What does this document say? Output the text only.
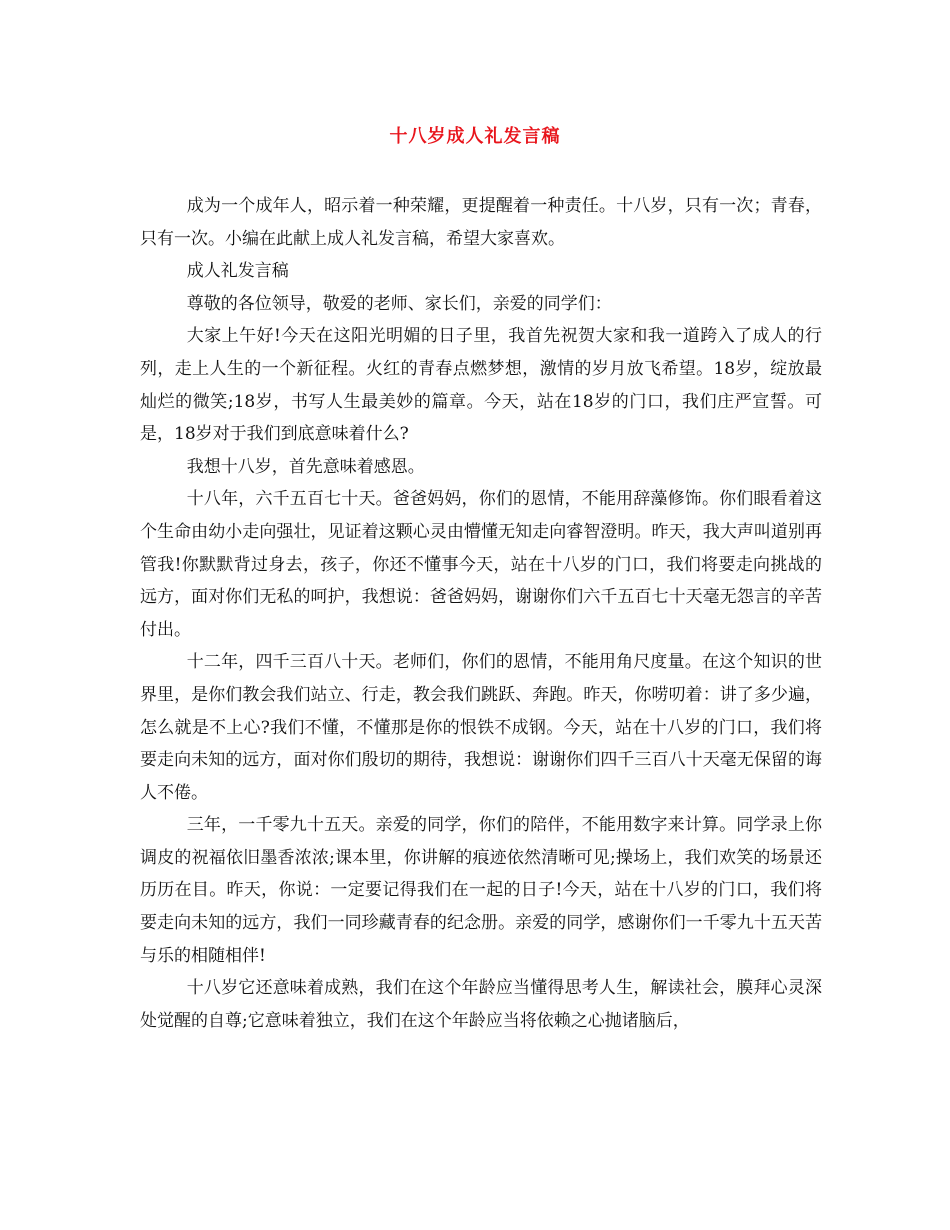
十八岁成人礼发言稿

成为一个成年人，昭示着一种荣耀，更提醒着一种责任。十八岁，只有一次；青春，只有一次。小编在此献上成人礼发言稿，希望大家喜欢。

成人礼发言稿

尊敬的各位领导，敬爱的老师、家长们，亲爱的同学们：

大家上午好!今天在这阳光明媚的日子里，我首先祝贺大家和我一道跨入了成人的行列，走上人生的一个新征程。火红的青春点燃梦想，激情的岁月放飞希望。18岁，绽放最灿烂的微笑;18岁，书写人生最美妙的篇章。今天，站在18岁的门口，我们庄严宣誓。可是，18岁对于我们到底意味着什么?

我想十八岁，首先意味着感恩。

十八年，六千五百七十天。爸爸妈妈，你们的恩情，不能用辞藻修饰。你们眼看着这个生命由幼小走向强壮，见证着这颗心灵由懵懂无知走向睿智澄明。昨天，我大声叫道别再管我!你默默背过身去，孩子，你还不懂事今天，站在十八岁的门口，我们将要走向挑战的远方，面对你们无私的呵护，我想说：爸爸妈妈，谢谢你们六千五百七十天毫无怨言的辛苦付出。

十二年，四千三百八十天。老师们，你们的恩情，不能用角尺度量。在这个知识的世界里，是你们教会我们站立、行走，教会我们跳跃、奔跑。昨天，你唠叨着：讲了多少遍，怎么就是不上心?我们不懂，不懂那是你的恨铁不成钢。今天，站在十八岁的门口，我们将要走向未知的远方，面对你们殷切的期待，我想说：谢谢你们四千三百八十天毫无保留的诲人不倦。

三年，一千零九十五天。亲爱的同学，你们的陪伴，不能用数字来计算。同学录上你调皮的祝福依旧墨香浓浓;课本里，你讲解的痕迹依然清晰可见;操场上，我们欢笑的场景还历历在目。昨天，你说：一定要记得我们在一起的日子!今天，站在十八岁的门口，我们将要走向未知的远方，我们一同珍藏青春的纪念册。亲爱的同学，感谢你们一千零九十五天苦与乐的相随相伴!

十八岁它还意味着成熟，我们在这个年龄应当懂得思考人生，解读社会，膜拜心灵深处觉醒的自尊;它意味着独立，我们在这个年龄应当将依赖之心抛诸脑后，
